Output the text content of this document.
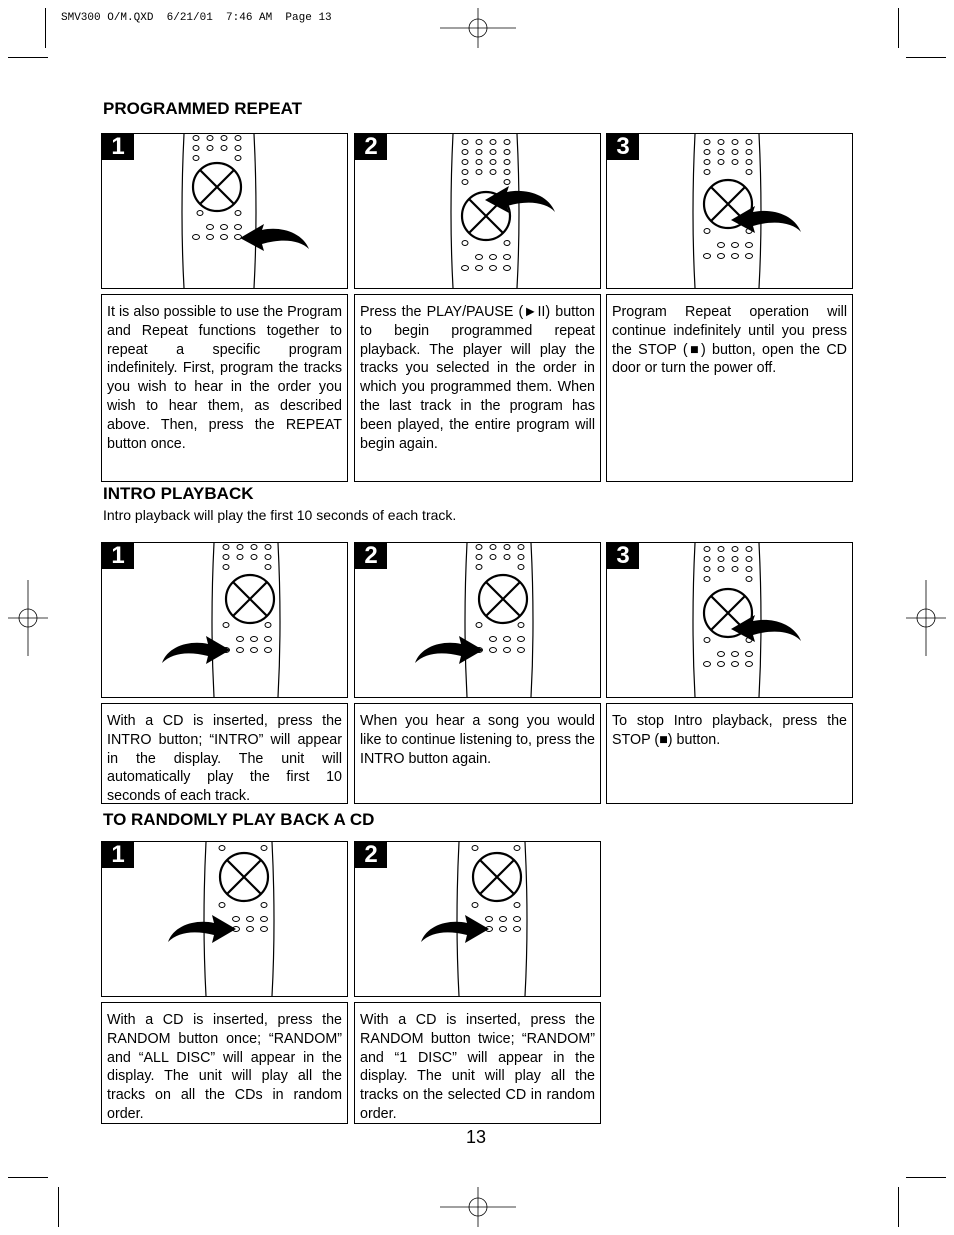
SMV300 O/M.QXD  6/21/01  7:46 AM  Page 13
PROGRAMMED REPEAT
1	2	3

It is also possible to use the Program and Repeat functions together to repeat a specific program indefinitely. First, program the tracks you wish to hear in the order you wish to hear them, as described above. Then, press the REPEAT button once.

Press the PLAY/PAUSE (►II) button to begin programmed repeat playback. The player will play the tracks you selected in the order in which you programmed them. When the last track in the program has been played, the entire program will begin again.

Program Repeat operation will continue indefinitely until you press the STOP (■) button, open the CD door or turn the power off.

INTRO PLAYBACK
Intro playback will play the first 10 seconds of each track.
1	2	3

With a CD is inserted, press the INTRO button; “INTRO” will appear in the display. The unit will automatically play the first 10 seconds of each track.

When you hear a song you would like to continue listening to, press the INTRO button again.

To stop Intro playback, press the STOP (■) button.

TO RANDOMLY PLAY BACK A CD
1	2

With a CD is inserted, press the RANDOM button once; “RANDOM” and “ALL DISC” will appear in the display. The unit will play all the tracks on all the CDs in random order.

With a CD is inserted, press the RANDOM button twice; “RANDOM” and “1 DISC” will appear in the display. The unit will play all the tracks on the selected CD in random order.

13
